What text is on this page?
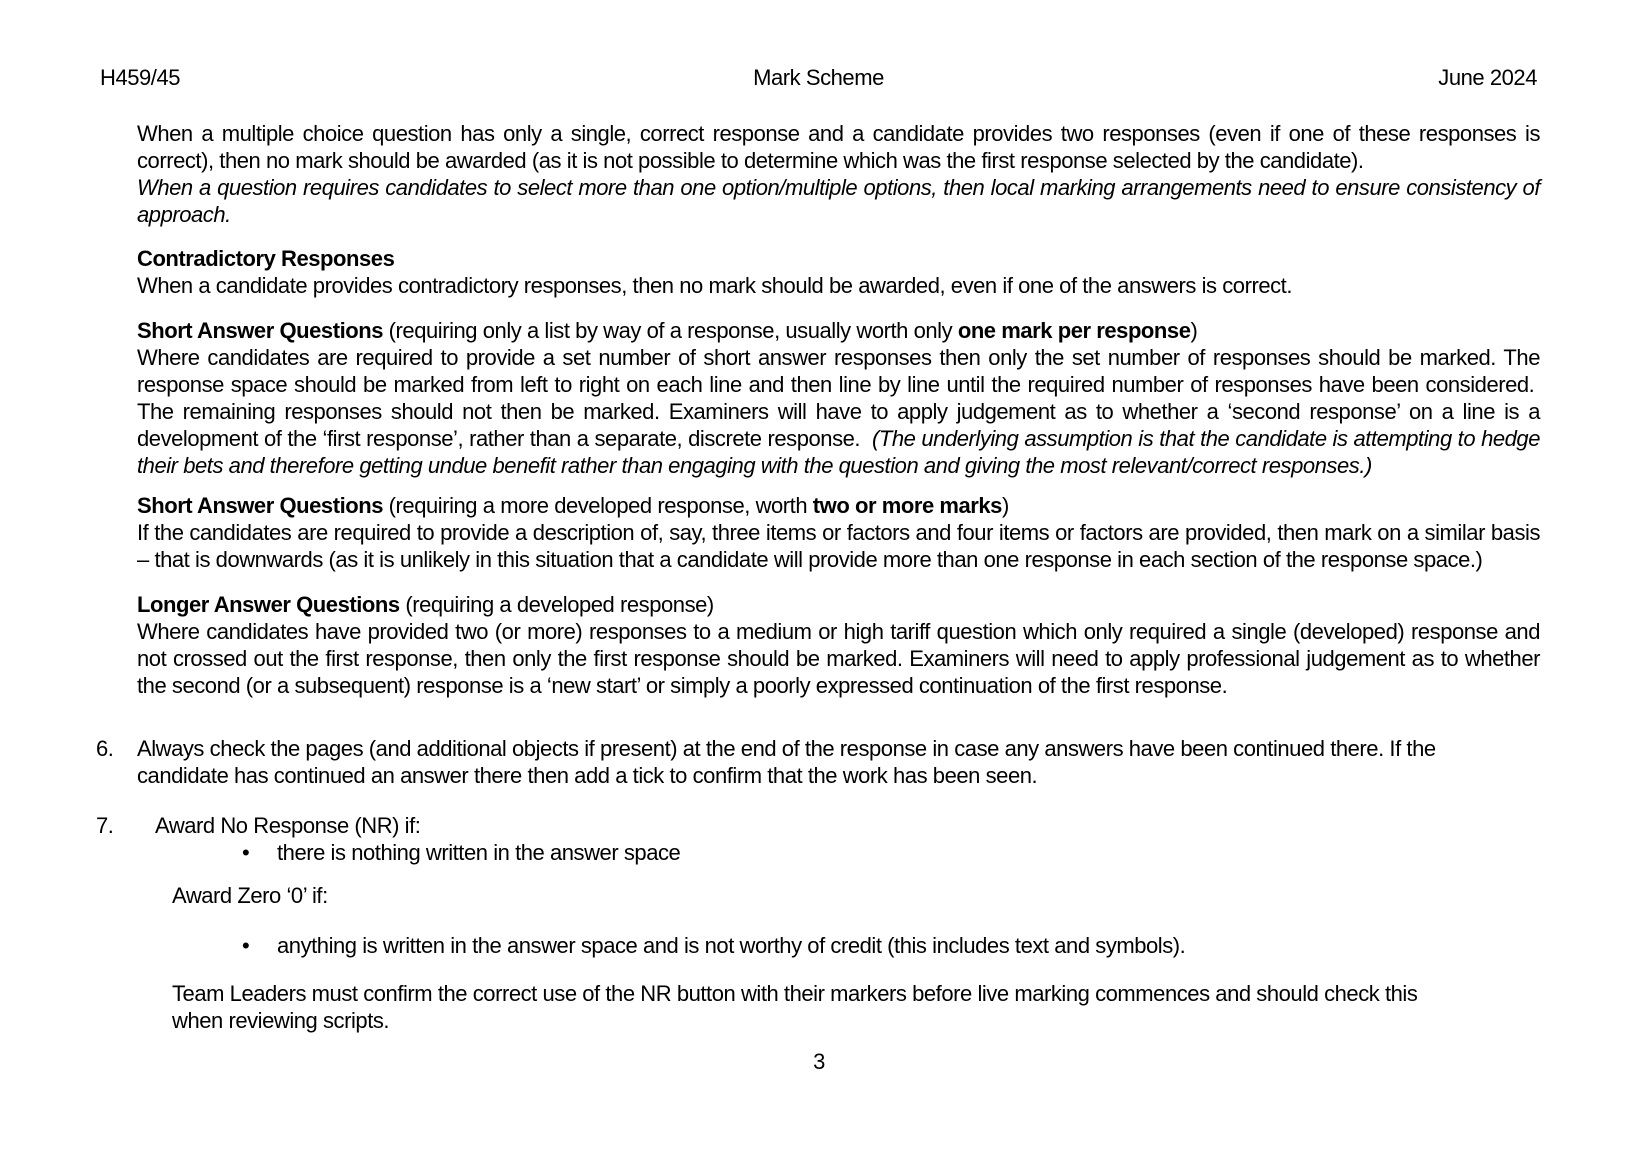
H459/45	Mark Scheme	June 2024

When a multiple choice question has only a single, correct response and a candidate provides two responses (even if one of these responses is correct), then no mark should be awarded (as it is not possible to determine which was the first response selected by the candidate).

When a question requires candidates to select more than one option/multiple options, then local marking arrangements need to ensure consistency of approach.

Contradictory Responses

When a candidate provides contradictory responses, then no mark should be awarded, even if one of the answers is correct.

Short Answer Questions (requiring only a list by way of a response, usually worth only one mark per response)

Where candidates are required to provide a set number of short answer responses then only the set number of responses should be marked. The response space should be marked from left to right on each line and then line by line until the required number of responses have been considered.  The remaining responses should not then be marked. Examiners will have to apply judgement as to whether a ‘second response’ on a line is a development of the ‘first response’, rather than a separate, discrete response.  (The underlying assumption is that the candidate is attempting to hedge their bets and therefore getting undue benefit rather than engaging with the question and giving the most relevant/correct responses.)

Short Answer Questions (requiring a more developed response, worth two or more marks)

If the candidates are required to provide a description of, say, three items or factors and four items or factors are provided, then mark on a similar basis – that is downwards (as it is unlikely in this situation that a candidate will provide more than one response in each section of the response space.)

Longer Answer Questions (requiring a developed response)

Where candidates have provided two (or more) responses to a medium or high tariff question which only required a single (developed) response and not crossed out the first response, then only the first response should be marked. Examiners will need to apply professional judgement as to whether the second (or a subsequent) response is a ‘new start’ or simply a poorly expressed continuation of the first response.

6. Always check the pages (and additional objects if present) at the end of the response in case any answers have been continued there. If the candidate has continued an answer there then add a tick to confirm that the work has been seen.

7. Award No Response (NR) if:

•	there is nothing written in the answer space

Award Zero ‘0’ if:

•	anything is written in the answer space and is not worthy of credit (this includes text and symbols).

Team Leaders must confirm the correct use of the NR button with their markers before live marking commences and should check this when reviewing scripts.

3
